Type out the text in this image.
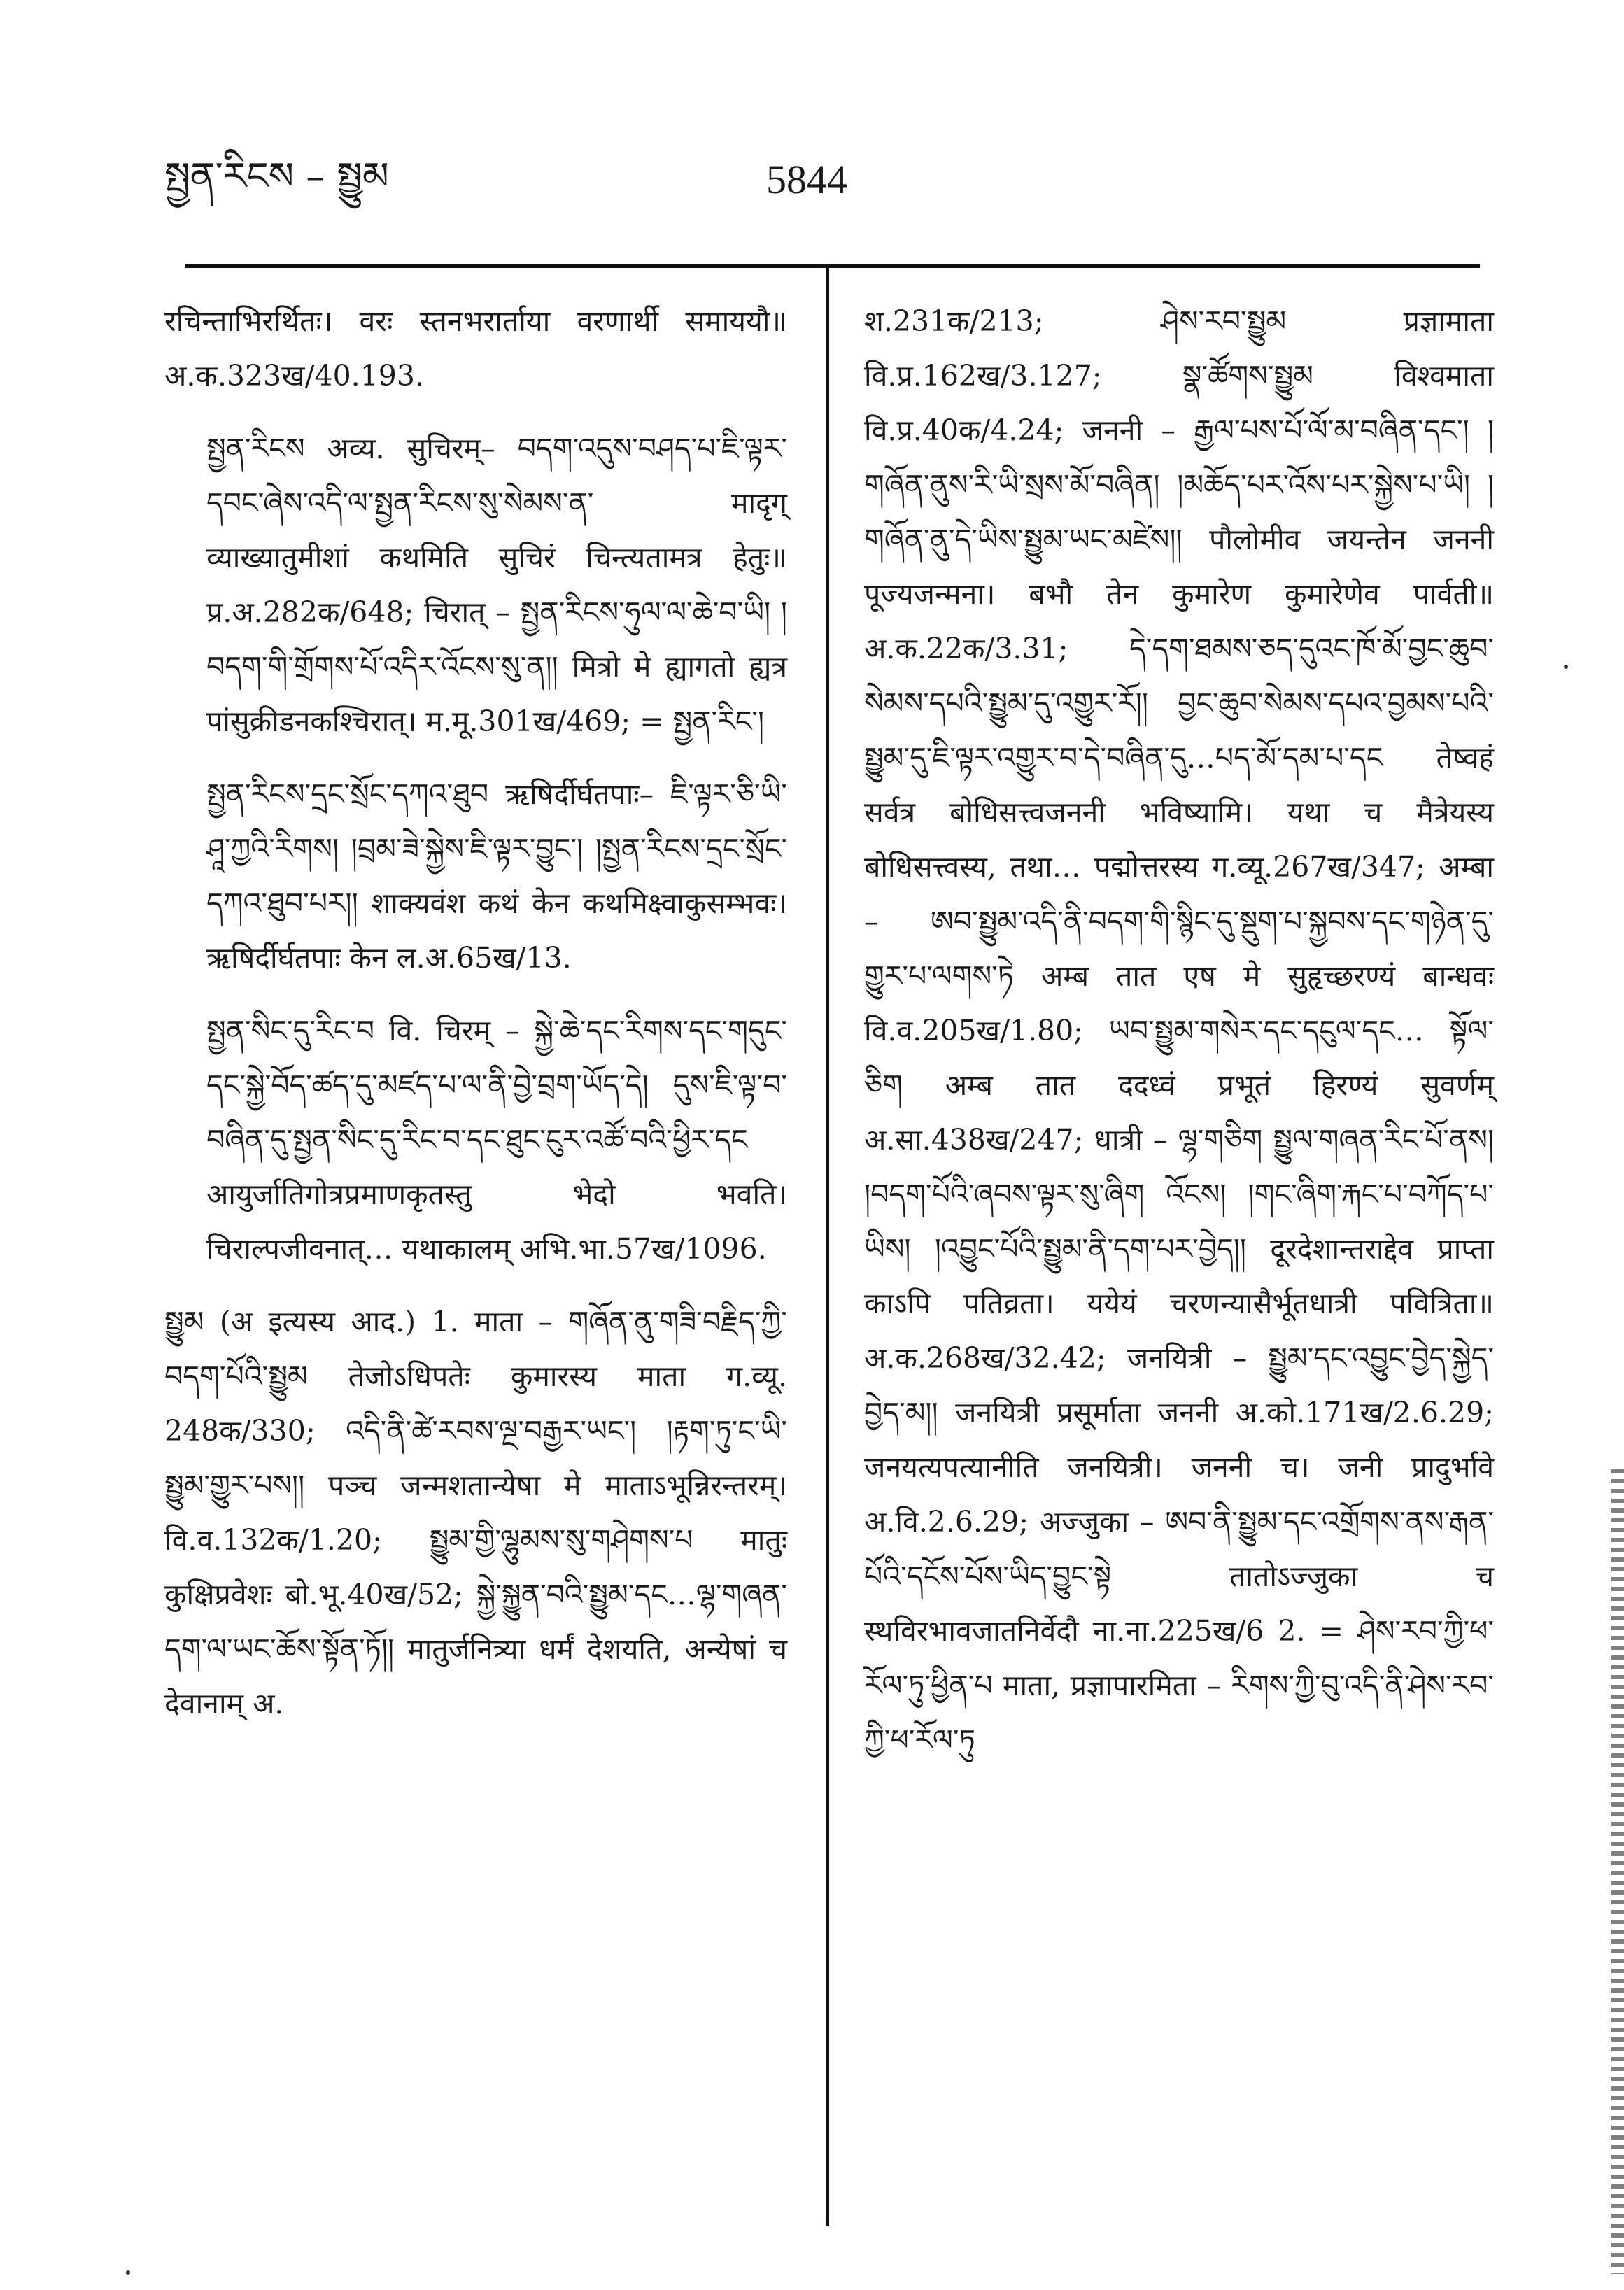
སྤྱན་རིངས – སྤྱུམ	5844

रचिन्ताभिरर्थितः। वरः स्तनभरार्ताया वरणार्थी समाययौ॥ अ.क.323ख/40.193.

སྤྱན་རིངས अव्य. सुचिरम्– བདག་འདུས་བཤད་པ་ཇི་ལྟར་དབང་ཞེས་འདི་ལ་སྤྱན་རིངས་སུ་སེམས་ན་ मादृग् व्याख्यातुमीशां कथमिति सुचिरं चिन्त्यतामत्र हेतुः॥ प्र.अ.282क/648; चिरात् – སྤྱན་རིངས་ཧུལ་ལ་ཆེ་བ་ཡི། །བདག་གི་གྲོགས་པོ་འདིར་འོངས་སུ་ན།། मित्रो मे ह्यागतो ह्यत्र पांसुक्रीडनकश्चिरात्। म.मू.301ख/469; = སྤྱན་རིང་།

སྤྱན་རིངས་དྲང་སྲོང་དཀའ་ཐུབ ऋषिर्दीर्घतपाः– ཇི་ལྟར་ཅི་ཡི་ཤཱ་ཀྱའི་རིགས། །བྲམ་ཟེ་སྐྱེས་ཇི་ལྟར་བྱུང་། །སྤྱན་རིངས་དྲང་སྲོང་དཀའ་ཐུབ་པར།། शाक्यवंश कथं केन कथमिक्ष्वाकुसम्भवः। ऋषिर्दीर्घतपाः केन ल.अ.65ख/13.

སྤྱན་སིང་དུ་རིང་བ वि. चिरम् – སྐྱེ་ཆེ་དང་རིགས་དང་གདུང་དང་སྐྱེ་བོད་ཚད་དུ་མཛད་པ་ལ་ནི་བྱེ་བྲག་ཡོད་དེ། དུས་ཇི་ལྟ་བ་བཞིན་དུ་སྤྱན་སིང་དུ་རིང་བ་དང་ཐུང་ངུར་འཚོ་བའི་ཕྱིར་དང आयुर्जातिगोत्रप्रमाणकृतस्तु भेदो भवति। चिराल्पजीवनात्… यथाकालम् अभि.भा.57ख/1096.

སྤྱུམ (अ इत्यस्य आद.) 1. माता – གཞོན་ནུ་གཟི་བརྗིད་ཀྱི་བདག་པོའི་སྤྱུམ तेजोऽधिपतेः कुमारस्य माता ग.व्यू. 248क/330; འདི་ནི་ཚེ་རབས་ལྔ་བརྒྱར་ཡང་། །རྟག་ཏུ་ང་ཡི་སྤྱུམ་གྱུར་པས།། पञ्च जन्मशतान्येषा मे माताऽभून्निरन्तरम्। वि.व.132क/1.20; སྤྱུམ་གྱི་ལྷུམས་སུ་གཤེགས་པ मातुः कुक्षिप्रवेशः बो.भू.40ख/52; སྐྱེ་སྐྱུན་བའི་སྤྱུམ་དང…ལྷ་གཞན་དག་ལ་ཡང་ཆོས་སྟོན་ཏོ།། मातुर्जनित्र्या धर्मं देशयति, अन्येषां च देवानाम् अ.

श.231क/213; ཤེས་རབ་སྤྱུམ प्रज्ञामाता वि.प्र.162ख/3.127; སྣ་ཚོགས་སྤྱུམ विश्वमाता वि.प्र.40क/4.24; जननी – རྒྱལ་པས་པོ་ལོ་མ་བཞིན་དང་། །གཞོན་ནུས་རི་ཡི་སྲས་མོ་བཞིན། །མཆོད་པར་འོས་པར་སྐྱེས་པ་ཡི། །གཞོན་ནུ་དེ་ཡིས་སྤྱུམ་ཡང་མཛེས།། पौलोमीव जयन्तेन जननी पूज्यजन्मना। बभौ तेन कुमारेण कुमारेणेव पार्वती॥ अ.क.22क/3.31; དེ་དག་ཐམས་ཅད་དུའང་ཁོ་མོ་བྱང་ཆུབ་སེམས་དཔའི་སྤྱུམ་དུ་འགྱུར་རོ།། བྱང་ཆུབ་སེམས་དཔའ་བྱམས་པའི་སྤྱུམ་དུ་ཇི་ལྟར་འགྱུར་བ་དེ་བཞིན་དུ…པད་མོ་དམ་པ་དང तेष्वहं सर्वत्र बोधिसत्त्वजननी भविष्यामि। यथा च मैत्रेयस्य बोधिसत्त्वस्य, तथा… पद्मोत्तरस्य ग.व्यू.267ख/347; अम्बा – ཨབ་སྤྱུམ་འདི་ནི་བདག་གི་སྙིང་དུ་སྡུག་པ་སྐྱབས་དང་གཉེན་དུ་གྱུར་པ་ལགས་ཏེ अम्ब तात एष मे सुहृच्छरण्यं बान्धवः वि.व.205ख/1.80; ཡབ་སྤྱུམ་གསེར་དང་དངུལ་དང… སྟོལ་ཅིག अम्ब तात ददध्वं प्रभूतं हिरण्यं सुवर्णम् अ.सा.438ख/247; धात्री – ལྷ་གཅིག སྤྱུལ་གཞན་རིང་པོ་ནས། །བདག་པོའི་ཞབས་ལྟར་སུ་ཞིག འོངས། །གང་ཞིག་རྐང་པ་བཀོད་པ་ཡིས། །འབྱུང་པོའི་སྤྱུམ་ནི་དག་པར་བྱེད།། दूरदेशान्तराद्देव प्राप्ता काऽपि पतिव्रता। ययेयं चरणन्यासैर्भूतधात्री पवित्रिता॥ अ.क.268ख/32.42; जनयित्री – སྤྱུམ་དང་འབྱུང་བྱེད་སྐྱེད་བྱེད་མ།། जनयित्री प्रसूर्माता जननी अ.को.171ख/2.6.29; जनयत्यपत्यानीति जनयित्री। जननी च। जनी प्रादुर्भावे अ.वि.2.6.29; अज्जुका – ཨབ་ནི་སྤྱུམ་དང་འགྲོགས་ནས་རྒན་པོའི་དངོས་པོས་ཡིད་བྱུང་སྟེ तातोऽज्जुका च स्थविरभावजातनिर्वेदौ ना.ना.225ख/6 2. = ཤེས་རབ་ཀྱི་ཕ་རོལ་ཏུ་ཕྱིན་པ माता, प्रज्ञापारमिता – རིགས་ཀྱི་བུ་འདི་ནི་ཤེས་རབ་ཀྱི་ཕ་རོལ་ཏུ
